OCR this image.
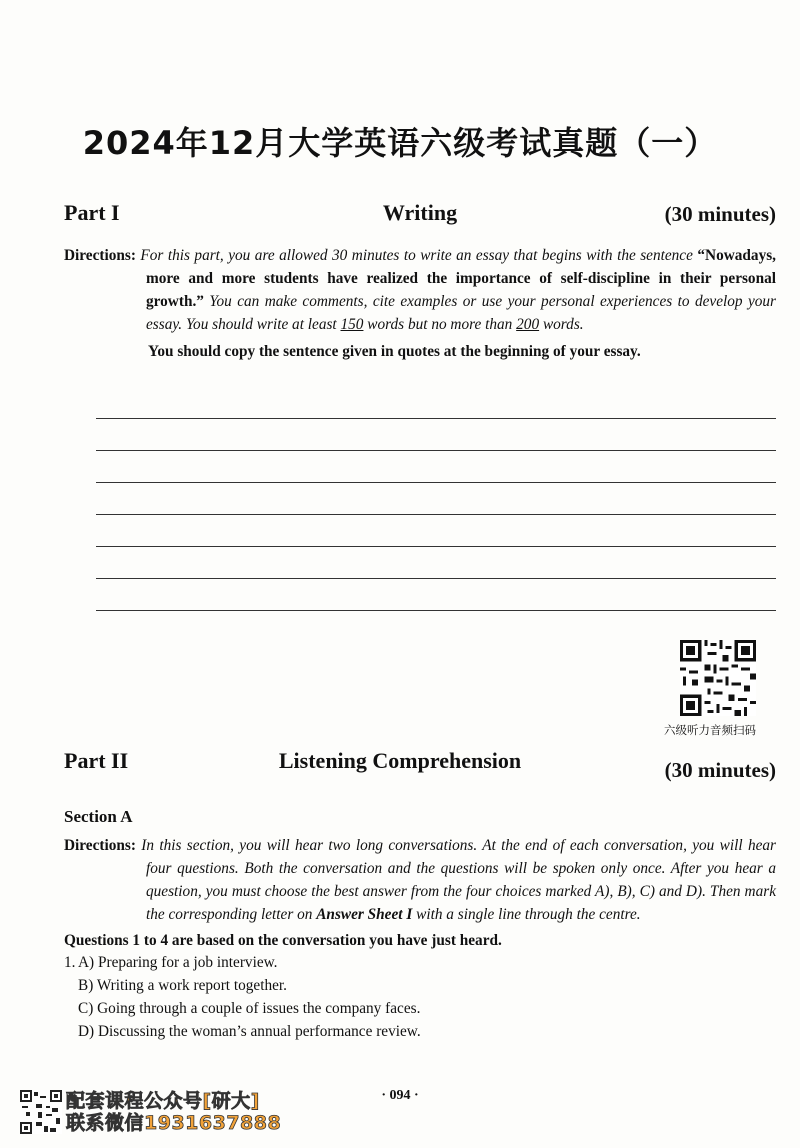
2024年12月大学英语六级考试真题（一）
Part I	Writing	(30 minutes)
Directions: For this part, you are allowed 30 minutes to write an essay that begins with the sentence “Nowadays, more and more students have realized the importance of self-discipline in their personal growth.” You can make comments, cite examples or use your personal experiences to develop your essay. You should write at least 150 words but no more than 200 words.
You should copy the sentence given in quotes at the beginning of your essay.
六级听力音频扫码
Part II	Listening Comprehension	(30 minutes)
Section A
Directions: In this section, you will hear two long conversations. At the end of each conversation, you will hear four questions. Both the conversation and the questions will be spoken only once. After you hear a question, you must choose the best answer from the four choices marked A), B), C) and D). Then mark the corresponding letter on Answer Sheet I with a single line through the centre.
Questions 1 to 4 are based on the conversation you have just heard.
1. A) Preparing for a job interview.
B) Writing a work report together.
C) Going through a couple of issues the company faces.
D) Discussing the woman’s annual performance review.
· 094 ·
配套课程公众号[研大]
联系微信1931637888
